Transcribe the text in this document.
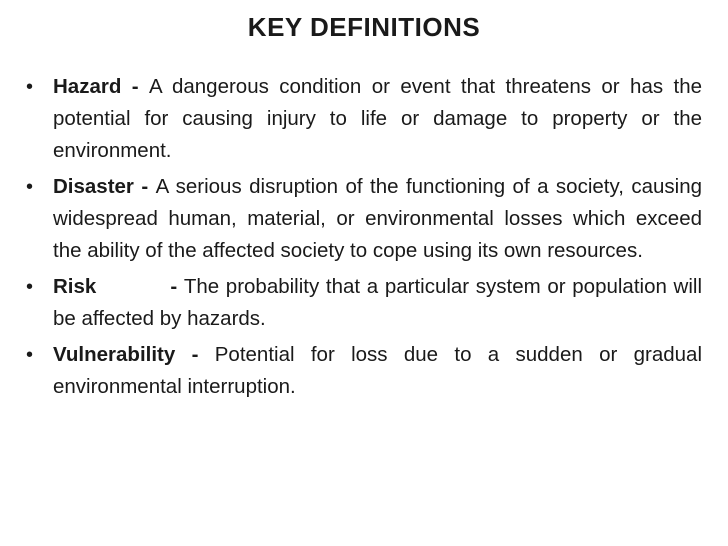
KEY DEFINITIONS
• Hazard - A dangerous condition or event that threatens or has the potential for causing injury to life or damage to property or the environment.
• Disaster - A serious disruption of the functioning of a society, causing widespread human, material, or environmental losses which exceed the ability of the affected society to cope using its own resources.
• Risk	- The probability that a particular system or population will be affected by hazards.
• Vulnerability - Potential for loss due to a sudden or gradual environmental interruption.
